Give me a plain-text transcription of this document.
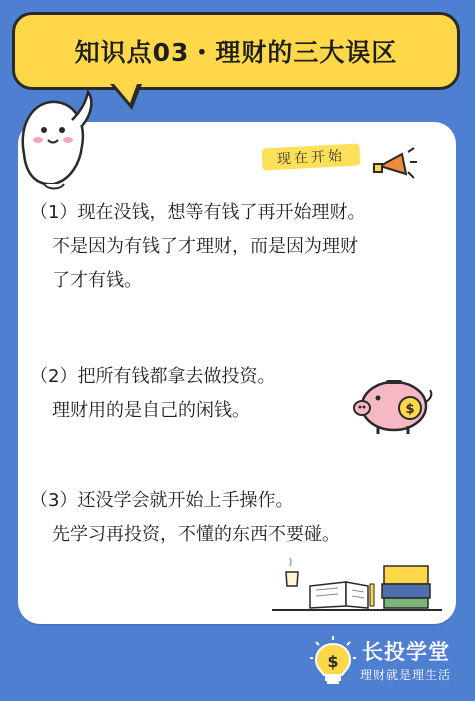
知识点03・理财的三大误区
现在开始
（1）现在没钱，想等有钱了再开始理财。
不是因为有钱了才理财，而是因为理财
了才有钱。
（2）把所有钱都拿去做投资。
理财用的是自己的闲钱。	$
（3）还没学会就开始上手操作。
先学习再投资，不懂的东西不要碰。
$ 长投学堂
理财就是理生活
